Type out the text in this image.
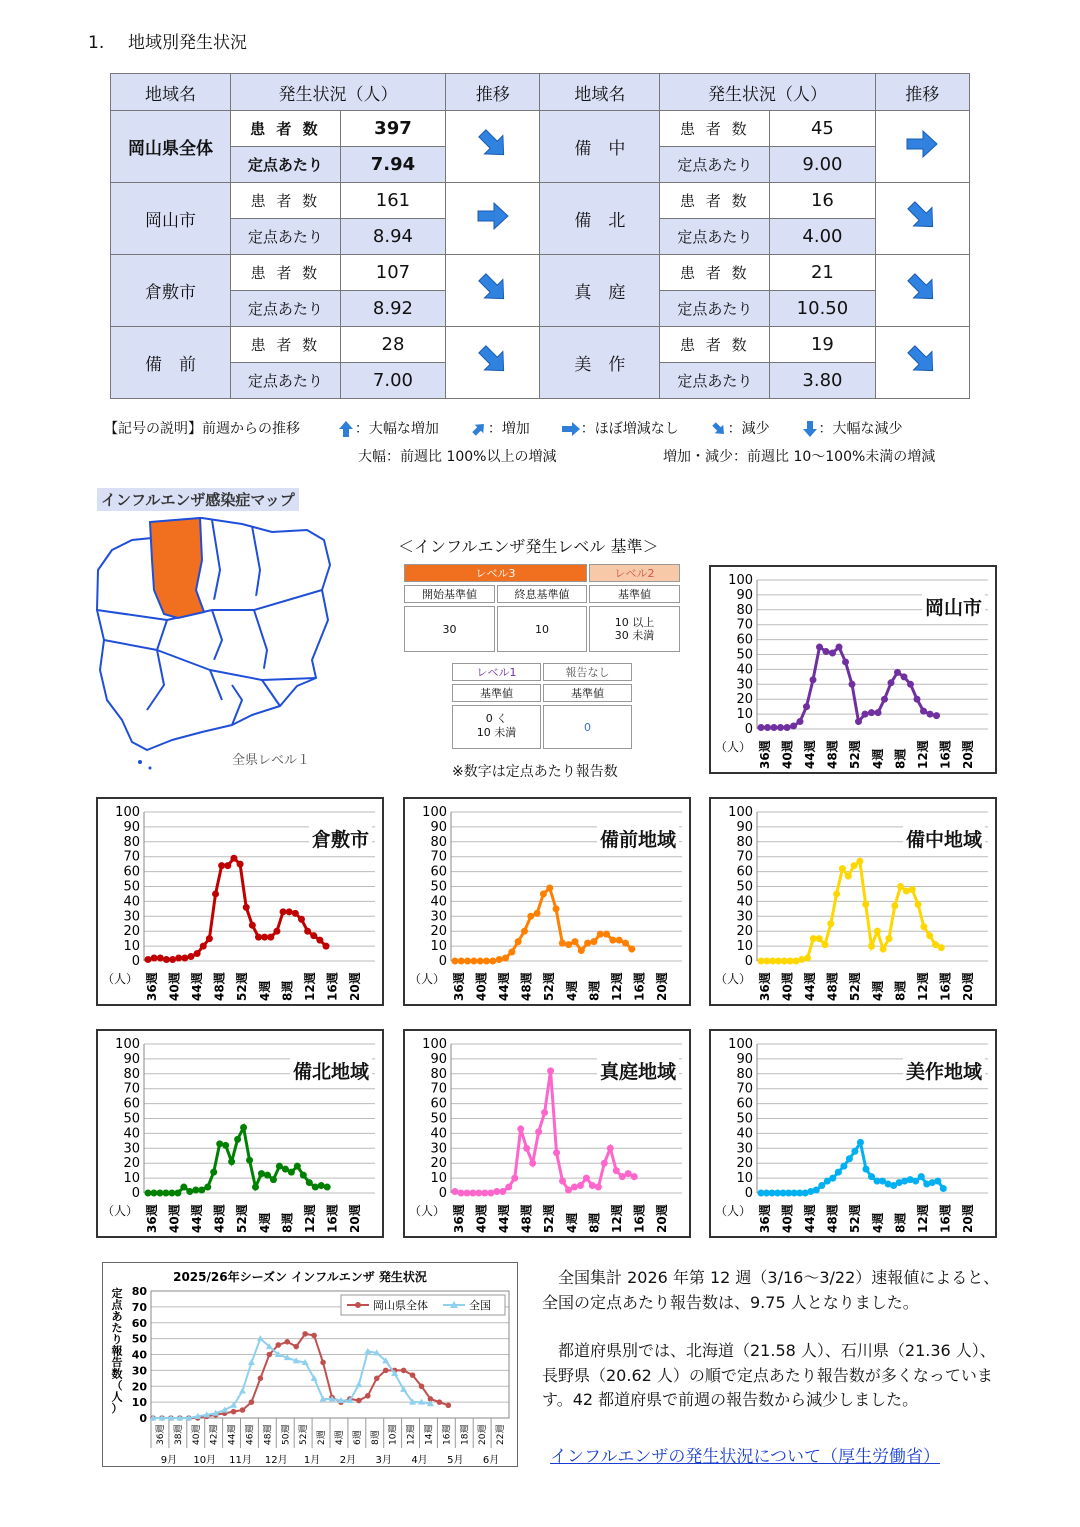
1. 地域別発生状況
地域名	発生状況（人）		推移	地域名	発生状況（人）		推移
岡山県全体	患 者 数	397		備　中	患 者 数	45	
	定点あたり	7.94			定点あたり	9.00	
岡山市	患 者 数	161		備　北	患 者 数	16	
	定点あたり	8.94			定点あたり	4.00	
倉敷市	患 者 数	107		真　庭	患 者 数	21	
	定点あたり	8.92			定点あたり	10.50	
備　前	患 者 数	28		美　作	患 者 数	19	
	定点あたり	7.00			定点あたり	3.80	
【記号の説明】前週からの推移	：大幅な増加	：増加	：ほぼ増減なし	：減少	：大幅な減少
大幅：前週比 100%以上の増減	増加・減少：前週比 10～100%未満の増減
インフルエンザ感染症マップ
全県レベル１
＜インフルエンザ発生レベル 基準＞
レベル3	レベル2
開始基準値	終息基準値	基準値
30	10
10 以上
30 未満
レベル1	報告なし
基準値	基準値
0 く
10 未満	0
※数字は定点あたり報告数
100
90
80
70
60
50
40
30
20
10
0
36週 40週 44週 48週 52週 4週 8週 12週 16週 20週
（人）
岡山市
100
90
80
70
60
50
40
30
20
10
0
36週 40週 44週 48週 52週 4週 8週 12週 16週 20週
（人）
倉敷市
100
90
80
70
60
50
40
30
20
10
0
36週 40週 44週 48週 52週 4週 8週 12週 16週 20週
（人）
備前地域
100
90
80
70
60
50
40
30
20
10
0
36週 40週 44週 48週 52週 4週 8週 12週 16週 20週
（人）
備中地域
100
90
80
70
60
50
40
30
20
10
0
36週 40週 44週 48週 52週 4週 8週 12週 16週 20週
（人）
備北地域
100
90
80
70
60
50
40
30
20
10
0
36週 40週 44週 48週 52週 4週 8週 12週 16週 20週
（人）
真庭地域
100
90
80
70
60
50
40
30
20
10
0
36週 40週 44週 48週 52週 4週 8週 12週 16週 20週
（人）
美作地域
2025/26年シーズン インフルエンザ 発生状況
定
点
あ
た
り
報
告
数
（
人
）
80
70
60
50
40
30
20
10
0
36週 38週 40週 42週 44週 46週 48週 50週 52週 2週 4週 6週 8週 10週 12週 14週 16週 18週 20週 22週
9月 10月 11月 12月 1月 2月 3月 4月 5月 6月
岡山県全体	全国
全国集計 2026 年第 12 週（3/16～3/22）速報値によると、全国の定点あたり報告数は、9.75 人となりました。
都道府県別では、北海道（21.58 人）、石川県（21.36 人）、長野県（20.62 人）の順で定点あたり報告数が多くなっています。42 都道府県で前週の報告数から減少しました。
インフルエンザの発生状況について（厚生労働省）
